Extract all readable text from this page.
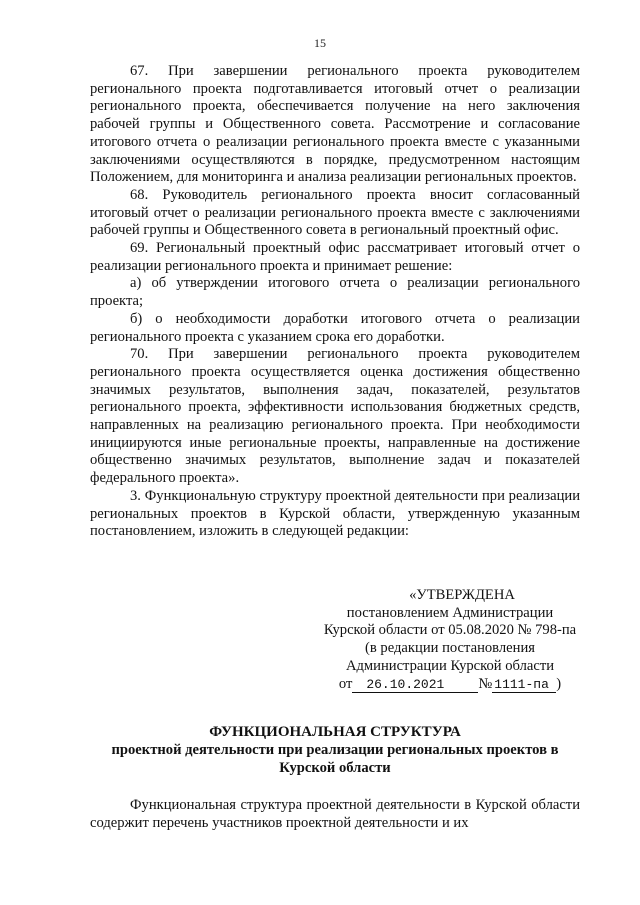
15

67. При завершении регионального проекта руководителем регионального проекта подготавливается итоговый отчет о реализации регионального проекта, обеспечивается получение на него заключения рабочей группы и Общественного совета. Рассмотрение и согласование итогового отчета о реализации регионального проекта вместе с указанными заключениями осуществляются в порядке, предусмотренном настоящим Положением, для мониторинга и анализа реализации региональных проектов.

68. Руководитель регионального проекта вносит согласованный итоговый отчет о реализации регионального проекта вместе с заключениями рабочей группы и Общественного совета в региональный проектный офис.

69. Региональный проектный офис рассматривает итоговый отчет о реализации регионального проекта и принимает решение:

а) об утверждении итогового отчета о реализации регионального проекта;

б) о необходимости доработки итогового отчета о реализации регионального проекта с указанием срока его доработки.

70. При завершении регионального проекта руководителем регионального проекта осуществляется оценка достижения общественно значимых результатов, выполнения задач, показателей, результатов регионального проекта, эффективности использования бюджетных средств, направленных на реализацию регионального проекта. При необходимости инициируются иные региональные проекты, направленные на достижение общественно значимых результатов, выполнение задач и показателей федерального проекта».

3. Функциональную структуру проектной деятельности при реализации региональных проектов в Курской области, утвержденную указанным постановлением, изложить в следующей редакции:

«УТВЕРЖДЕНА
постановлением Администрации
Курской области от 05.08.2020 № 798-па
(в редакции постановления
Администрации Курской области
от 26.10.2021 № 1111-па )
ФУНКЦИОНАЛЬНАЯ СТРУКТУРА
проектной деятельности при реализации региональных проектов в Курской области

Функциональная структура проектной деятельности в Курской области содержит перечень участников проектной деятельности и их
